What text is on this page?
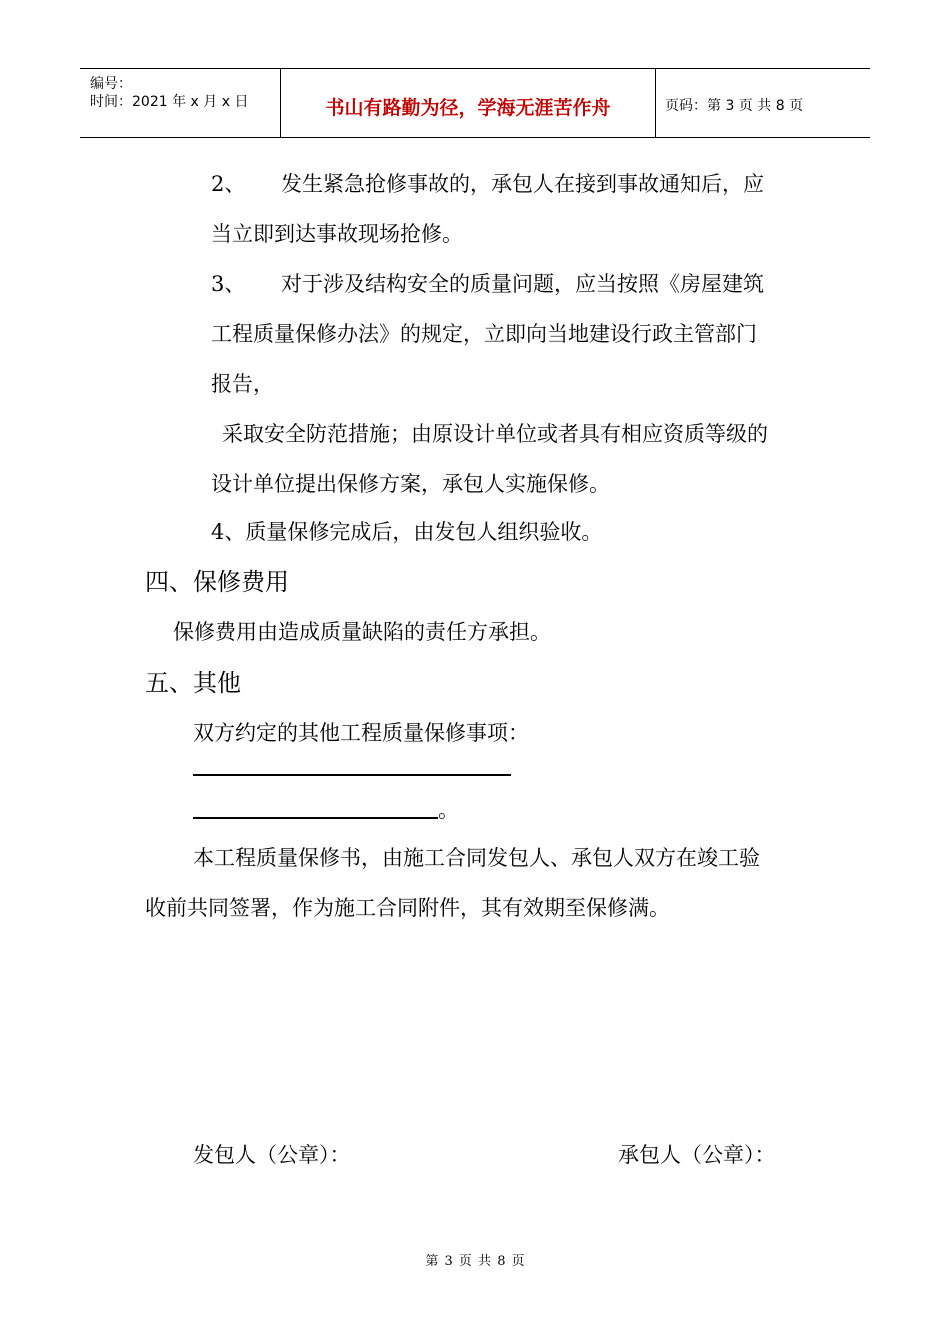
编号：
时间：2021 年 x 月 x 日	书山有路勤为径，学海无涯苦作舟	页码：第 3 页 共 8 页
2、 发生紧急抢修事故的，承包人在接到事故通知后，应
当立即到达事故现场抢修。
3、 对于涉及结构安全的质量问题，应当按照《房屋建筑
工程质量保修办法》的规定，立即向当地建设行政主管部门
报告，
采取安全防范措施；由原设计单位或者具有相应资质等级的
设计单位提出保修方案，承包人实施保修。
4、质量保修完成后，由发包人组织验收。
四、保修费用
保修费用由造成质量缺陷的责任方承担。
五、其他
双方约定的其他工程质量保修事项：
。
本工程质量保修书，由施工合同发包人、承包人双方在竣工验
收前共同签署，作为施工合同附件，其有效期至保修满。
发包人（公章）：	承包人（公章）：
第 3 页 共 8 页
